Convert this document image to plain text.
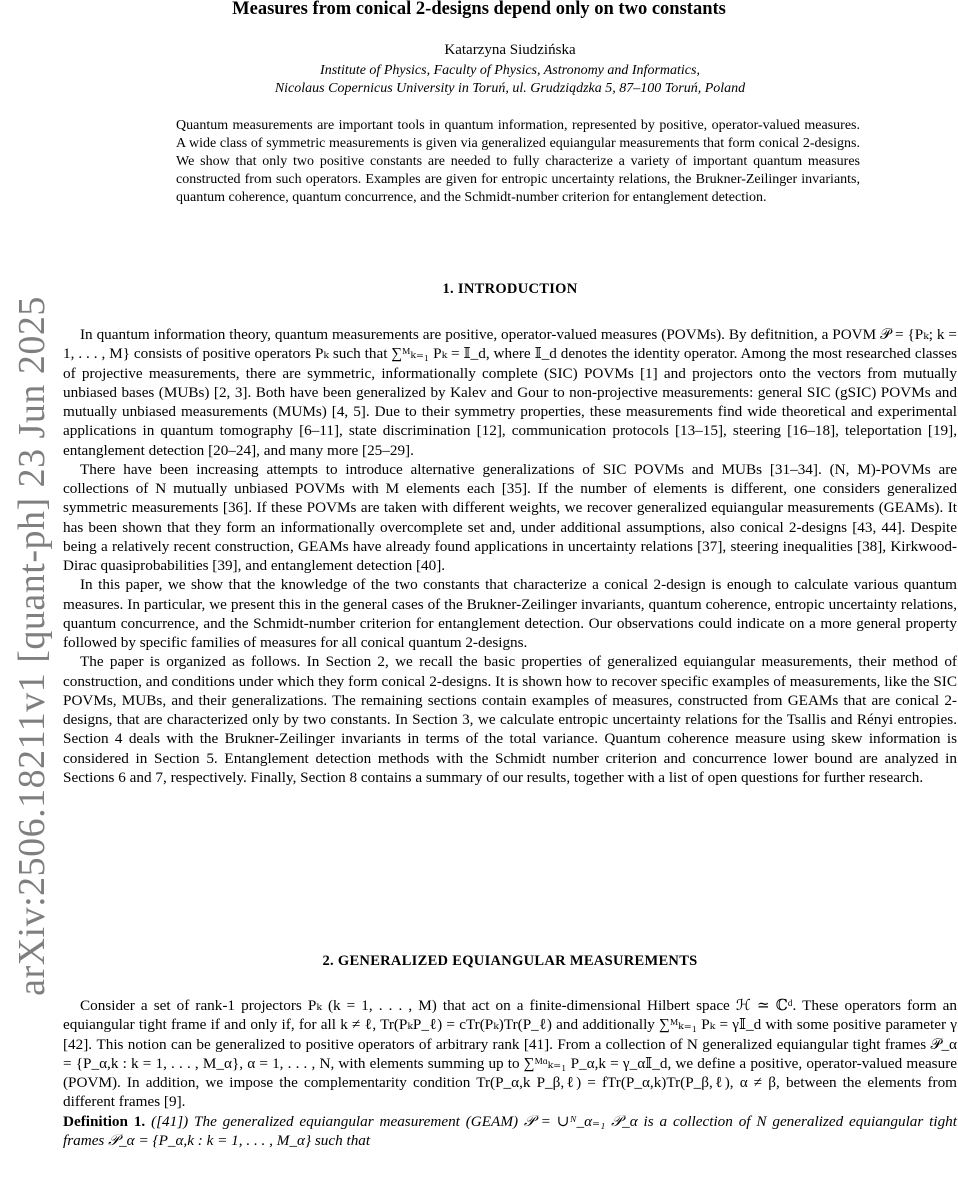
arXiv:2506.18211v1 [quant-ph] 23 Jun 2025
Measures from conical 2-designs depend only on two constants
Katarzyna Siudzińska
Institute of Physics, Faculty of Physics, Astronomy and Informatics,
Nicolaus Copernicus University in Toruń, ul. Grudziądzka 5, 87–100 Toruń, Poland

Quantum measurements are important tools in quantum information, represented by positive, operator-valued measures. A wide class of symmetric measurements is given via generalized equiangular measurements that form conical 2-designs. We show that only two positive constants are needed to fully characterize a variety of important quantum measures constructed from such operators. Examples are given for entropic uncertainty relations, the Brukner-Zeilinger invariants, quantum coherence, quantum concurrence, and the Schmidt-number criterion for entanglement detection.

1. INTRODUCTION

In quantum information theory, quantum measurements are positive, operator-valued measures (POVMs). By defitnition, a POVM 𝒫 = {Pₖ; k = 1, . . . , M} consists of positive operators Pₖ such that ∑ᴹₖ₌₁ Pₖ = 𝕀_d, where 𝕀_d denotes the identity operator. Among the most researched classes of projective measurements, there are symmetric, informationally complete (SIC) POVMs [1] and projectors onto the vectors from mutually unbiased bases (MUBs) [2, 3]. Both have been generalized by Kalev and Gour to non-projective measurements: general SIC (gSIC) POVMs and mutually unbiased measurements (MUMs) [4, 5]. Due to their symmetry properties, these measurements find wide theoretical and experimental applications in quantum tomography [6–11], state discrimination [12], communication protocols [13–15], steering [16–18], teleportation [19], entanglement detection [20–24], and many more [25–29].

There have been increasing attempts to introduce alternative generalizations of SIC POVMs and MUBs [31–34]. (N, M)-POVMs are collections of N mutually unbiased POVMs with M elements each [35]. If the number of elements is different, one considers generalized symmetric measurements [36]. If these POVMs are taken with different weights, we recover generalized equiangular measurements (GEAMs). It has been shown that they form an informationally overcomplete set and, under additional assumptions, also conical 2-designs [43, 44]. Despite being a relatively recent construction, GEAMs have already found applications in uncertainty relations [37], steering inequalities [38], Kirkwood-Dirac quasiprobabilities [39], and entanglement detection [40].

In this paper, we show that the knowledge of the two constants that characterize a conical 2-design is enough to calculate various quantum measures. In particular, we present this in the general cases of the Brukner-Zeilinger invariants, quantum coherence, entropic uncertainty relations, quantum concurrence, and the Schmidt-number criterion for entanglement detection. Our observations could indicate on a more general property followed by specific families of measures for all conical quantum 2-designs.

The paper is organized as follows. In Section 2, we recall the basic properties of generalized equiangular measurements, their method of construction, and conditions under which they form conical 2-designs. It is shown how to recover specific examples of measurements, like the SIC POVMs, MUBs, and their generalizations. The remaining sections contain examples of measures, constructed from GEAMs that are conical 2-designs, that are characterized only by two constants. In Section 3, we calculate entropic uncertainty relations for the Tsallis and Rényi entropies. Section 4 deals with the Brukner-Zeilinger invariants in terms of the total variance. Quantum coherence measure using skew information is considered in Section 5. Entanglement detection methods with the Schmidt number criterion and concurrence lower bound are analyzed in Sections 6 and 7, respectively. Finally, Section 8 contains a summary of our results, together with a list of open questions for further research.

2. GENERALIZED EQUIANGULAR MEASUREMENTS

Consider a set of rank-1 projectors Pₖ (k = 1, . . . , M) that act on a finite-dimensional Hilbert space ℋ ≃ ℂᵈ. These operators form an equiangular tight frame if and only if, for all k ≠ ℓ, Tr(PₖP_ℓ) = cTr(Pₖ)Tr(P_ℓ) and additionally ∑ᴹₖ₌₁ Pₖ = γ𝕀_d with some positive parameter γ [42]. This notion can be generalized to positive operators of arbitrary rank [41]. From a collection of N generalized equiangular tight frames 𝒫_α = {P_α,k : k = 1, . . . , M_α}, α = 1, . . . , N, with elements summing up to ∑ᴹᵅₖ₌₁ P_α,k = γ_α𝕀_d, we define a positive, operator-valued measure (POVM). In addition, we impose the complementarity condition Tr(P_α,k P_β,ℓ) = fTr(P_α,k)Tr(P_β,ℓ), α ≠ β, between the elements from different frames [9].

Definition 1. ([41]) The generalized equiangular measurement (GEAM) 𝒫 = ∪ᴺ_α₌₁ 𝒫_α is a collection of N generalized equiangular tight frames 𝒫_α = {P_α,k : k = 1, . . . , M_α} such that
